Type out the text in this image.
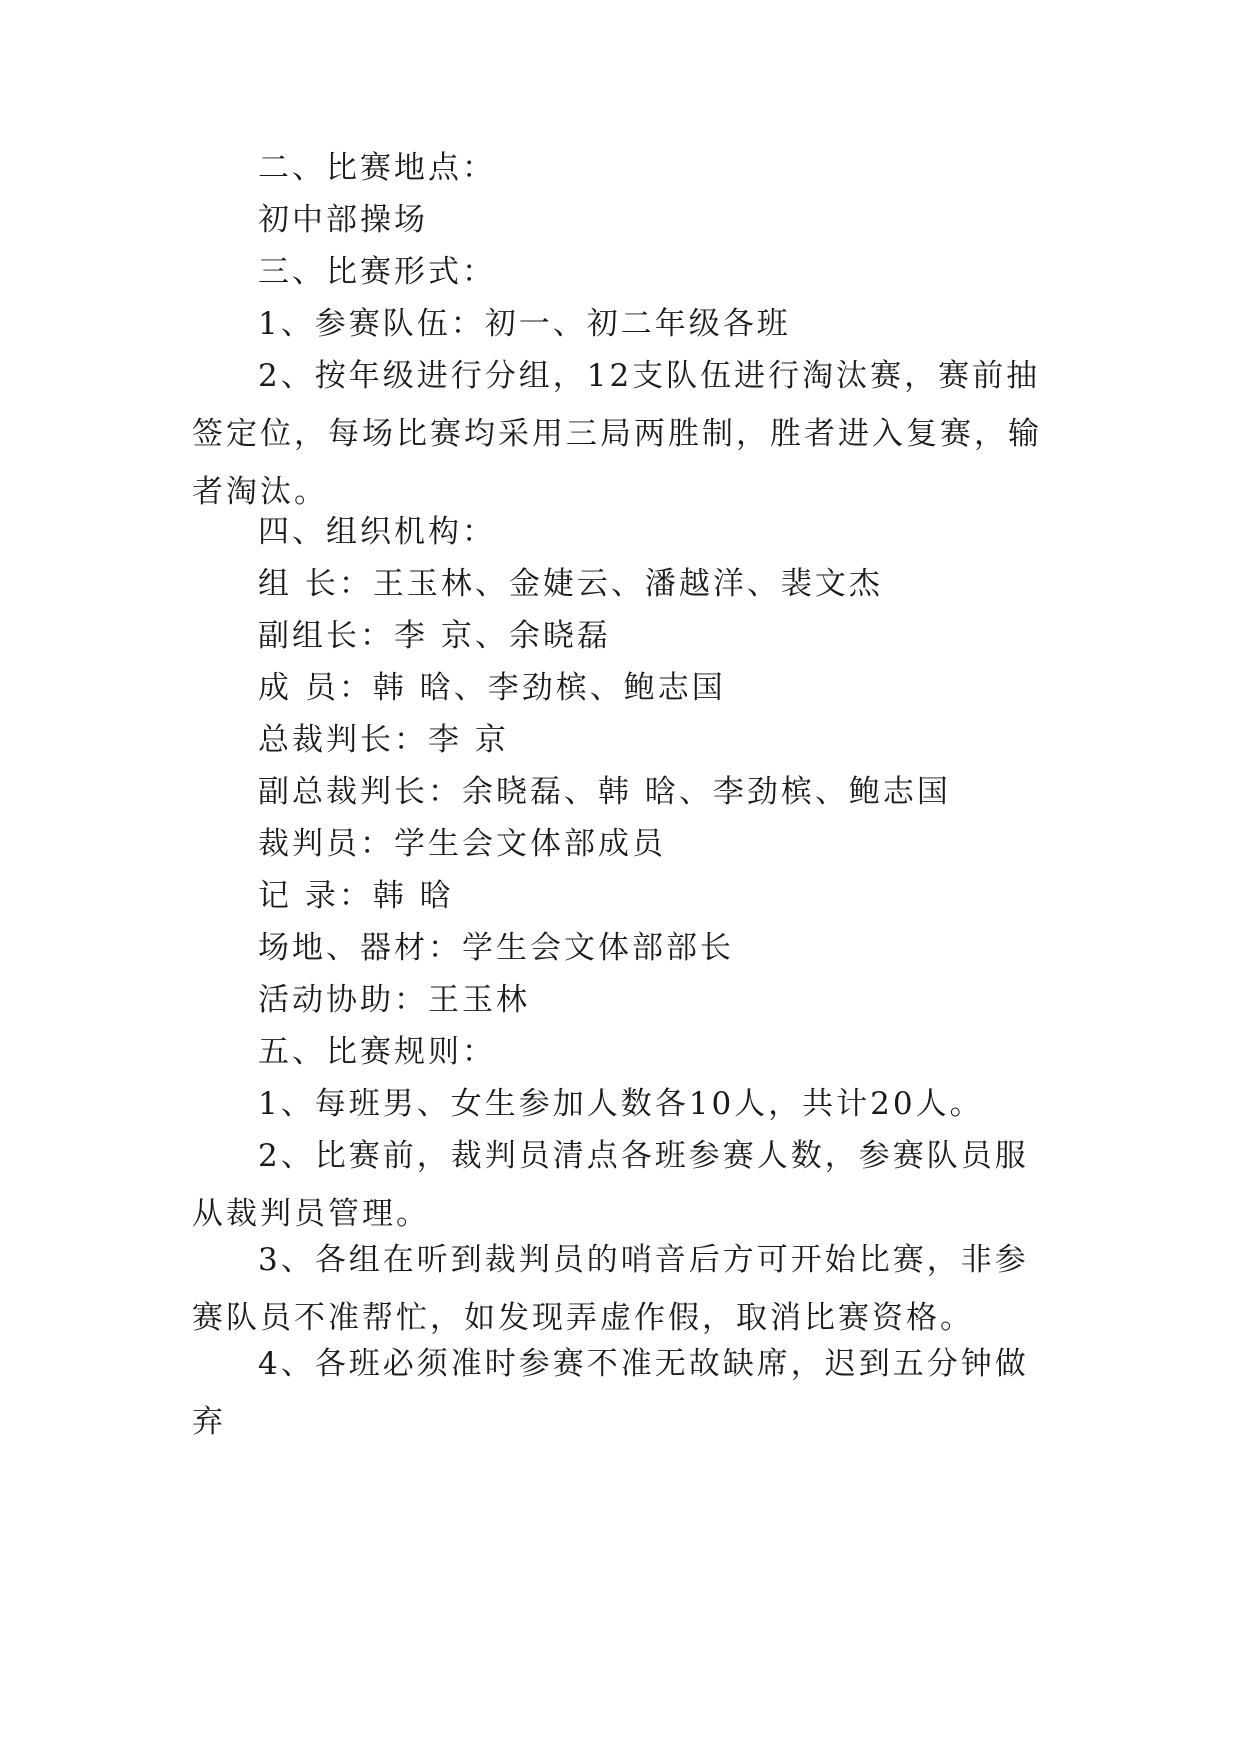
二、比赛地点：

初中部操场

三、比赛形式：

1、参赛队伍：初一、初二年级各班

2、按年级进行分组，12支队伍进行淘汰赛，赛前抽签定位，每场比赛均采用三局两胜制，胜者进入复赛，输者淘汰。

四、组织机构：

组 长：王玉林、金婕云、潘越洋、裴文杰

副组长：李 京、余晓磊

成 员：韩 晗、李劲槟、鲍志国

总裁判长：李 京

副总裁判长：余晓磊、韩 晗、李劲槟、鲍志国

裁判员：学生会文体部成员

记 录：韩 晗

场地、器材：学生会文体部部长

活动协助：王玉林

五、比赛规则：

1、每班男、女生参加人数各10人，共计20人。

2、比赛前，裁判员清点各班参赛人数，参赛队员服从裁判员管理。

3、各组在听到裁判员的哨音后方可开始比赛，非参赛队员不准帮忙，如发现弄虚作假，取消比赛资格。

4、各班必须准时参赛不准无故缺席，迟到五分钟做弃
